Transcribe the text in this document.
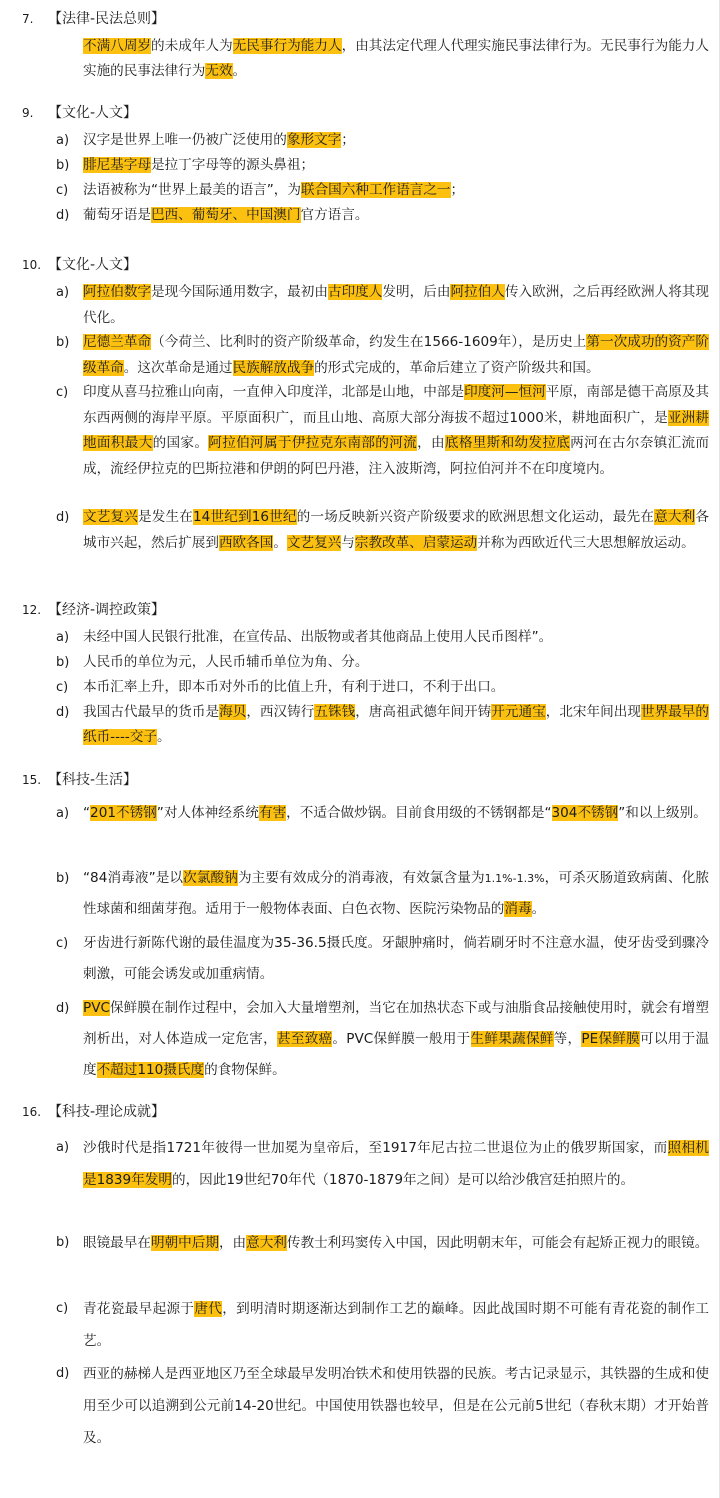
7.	【法律-民法总则】
不满八周岁的未成年人为无民事行为能力人，由其法定代理人代理实施民事法律行为。无民事行为能力人实施的民事法律行为无效。
9.	【文化-人文】
a) 汉字是世界上唯一仍被广泛使用的象形文字；
b) 腓尼基字母是拉丁字母等的源头鼻祖；
c) 法语被称为“世界上最美的语言”，为联合国六种工作语言之一；
d) 葡萄牙语是巴西、葡萄牙、中国澳门官方语言。
10. 【文化-人文】
a) 阿拉伯数字是现今国际通用数字，最初由古印度人发明，后由阿拉伯人传入欧洲，之后再经欧洲人将其现代化。
b) 尼德兰革命（今荷兰、比利时的资产阶级革命，约发生在1566-1609年），是历史上第一次成功的资产阶级革命。这次革命是通过民族解放战争的形式完成的，革命后建立了资产阶级共和国。
c) 印度从喜马拉雅山向南，一直伸入印度洋，北部是山地，中部是印度河—恒河平原，南部是德干高原及其东西两侧的海岸平原。平原面积广，而且山地、高原大部分海拔不超过1000米，耕地面积广，是亚洲耕地面积最大的国家。阿拉伯河属于伊拉克东南部的河流，由底格里斯和幼发拉底两河在古尔奈镇汇流而成，流经伊拉克的巴斯拉港和伊朗的阿巴丹港，注入波斯湾，阿拉伯河并不在印度境内。
d) 文艺复兴是发生在14世纪到16世纪的一场反映新兴资产阶级要求的欧洲思想文化运动，最先在意大利各城市兴起，然后扩展到西欧各国。文艺复兴与宗教改革、启蒙运动并称为西欧近代三大思想解放运动。
12. 【经济-调控政策】
a) 未经中国人民银行批准，在宣传品、出版物或者其他商品上使用人民币图样”。
b) 人民币的单位为元，人民币辅币单位为角、分。
c) 本币汇率上升，即本币对外币的比值上升，有利于进口，不利于出口。
d) 我国古代最早的货币是海贝，西汉铸行五铢钱，唐高祖武德年间开铸开元通宝，北宋年间出现世界最早的纸币----交子。
15. 【科技-生活】
a) “201不锈钢”对人体神经系统有害，不适合做炒锅。目前食用级的不锈钢都是“304不锈钢”和以上级别。
b) “84消毒液”是以次氯酸钠为主要有效成分的消毒液，有效氯含量为1.1%-1.3%，可杀灭肠道致病菌、化脓性球菌和细菌芽孢。适用于一般物体表面、白色衣物、医院污染物品的消毒。
c) 牙齿进行新陈代谢的最佳温度为35-36.5摄氏度。牙龈肿痛时，倘若刷牙时不注意水温，使牙齿受到骤冷刺激，可能会诱发或加重病情。
d) PVC保鲜膜在制作过程中，会加入大量增塑剂，当它在加热状态下或与油脂食品接触使用时，就会有增塑剂析出，对人体造成一定危害，甚至致癌。PVC保鲜膜一般用于生鲜果蔬保鲜等，PE保鲜膜可以用于温度不超过110摄氏度的食物保鲜。
16. 【科技-理论成就】
a) 沙俄时代是指1721年彼得一世加冕为皇帝后，至1917年尼古拉二世退位为止的俄罗斯国家，而照相机是1839年发明的，因此19世纪70年代（1870-1879年之间）是可以给沙俄宫廷拍照片的。
b) 眼镜最早在明朝中后期，由意大利传教士利玛窦传入中国，因此明朝末年，可能会有起矫正视力的眼镜。
c) 青花瓷最早起源于唐代，到明清时期逐渐达到制作工艺的巅峰。因此战国时期不可能有青花瓷的制作工艺。
d) 西亚的赫梯人是西亚地区乃至全球最早发明冶铁术和使用铁器的民族。考古记录显示，其铁器的生成和使用至少可以追溯到公元前14-20世纪。中国使用铁器也较早，但是在公元前5世纪（春秋末期）才开始普及。
